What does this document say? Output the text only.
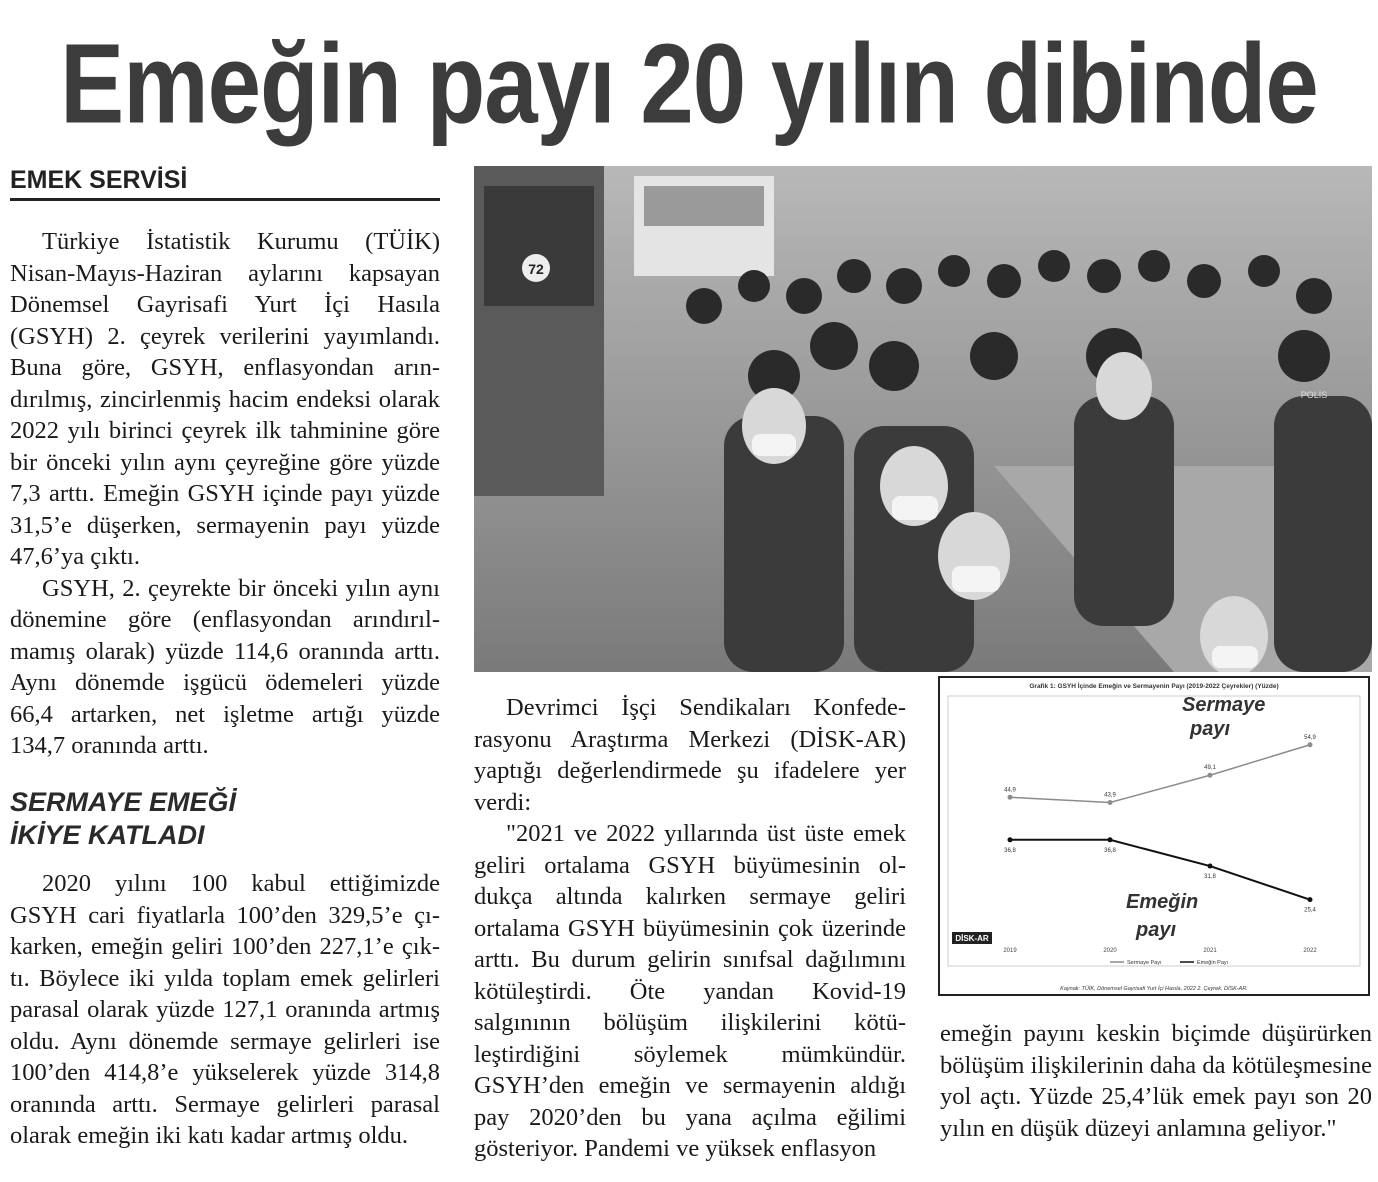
Emeğin payı 20 yılın dibinde
EMEK SERVİSİ

Türkiye İstatistik Kurumu (TÜİK) Nisan-Mayıs-Haziran aylarını kapsayan Dönemsel Gayrisafi Yurt İçi Hasıla (GSYH) 2. çeyrek verilerini yayımlandı. Buna göre, GSYH, enflasyondan arındırılmış, zincirlenmiş hacim endeksi olarak 2022 yılı birinci çeyrek ilk tahminine göre bir önceki yılın aynı çeyreğine göre yüzde 7,3 arttı. Emeğin GSYH içinde payı yüzde 31,5’e düşerken, sermayenin payı yüzde 47,6’ya çıktı.

GSYH, 2. çeyrekte bir önceki yılın aynı dönemine göre (enflasyondan arındırılmamış olarak) yüzde 114,6 oranında arttı. Aynı dönemde işgücü ödemeleri yüzde 66,4 artarken, net işletme artığı yüzde 134,7 oranında arttı.

SERMAYE EMEĞİ
İKİYE KATLADI

2020 yılını 100 kabul ettiğimizde GSYH cari fiyatlarla 100’den 329,5’e çıkarken, emeğin geliri 100’den 227,1’e çıktı. Böylece iki yılda toplam emek gelirleri parasal olarak yüzde 127,1 oranında artmış oldu. Aynı dönemde sermaye gelirleri ise 100’den 414,8’e yükselerek yüzde 314,8 oranında arttı. Sermaye gelirleri parasal olarak emeğin iki katı kadar artmış oldu.

72
POLİS
Grafik 1: GSYH İçinde Emeğin ve Sermayenin Payı (2019-2022 Çeyrekler) (Yüzde)
44,9
43,9
49,1
54,9
36,8	36,8
31,8
25,4
2019	2020	2021	2022
Sermaye
payı
Emeğin
payı
DİSK-AR
Sermaye Payı	Emeğin Payı
Kaynak: TÜİK, Dönemsel Gayrisafi Yurt İçi Hasıla, 2022 2. Çeyrek. DİSK-AR.

Devrimci İşçi Sendikaları Konfederasyonu Araştırma Merkezi (DİSK-AR) yaptığı değerlendirmede şu ifadelere yer verdi:

"2021 ve 2022 yıllarında üst üste emek geliri ortalama GSYH büyümesinin oldukça altında kalırken sermaye geliri ortalama GSYH büyümesinin çok üzerinde arttı. Bu durum gelirin sınıfsal dağılımını kötüleştirdi. Öte yandan Kovid-19 salgınının bölüşüm ilişkilerini kötüleştirdiğini söylemek mümkündür. GSYH’den emeğin ve sermayenin aldığı pay 2020’den bu yana açılma eğilimi gösteriyor. Pandemi ve yüksek enflasyon

emeğin payını keskin biçimde düşürürken bölüşüm ilişkilerinin daha da kötüleşmesine yol açtı. Yüzde 25,4’lük emek payı son 20 yılın en düşük düzeyi anlamına geliyor."
